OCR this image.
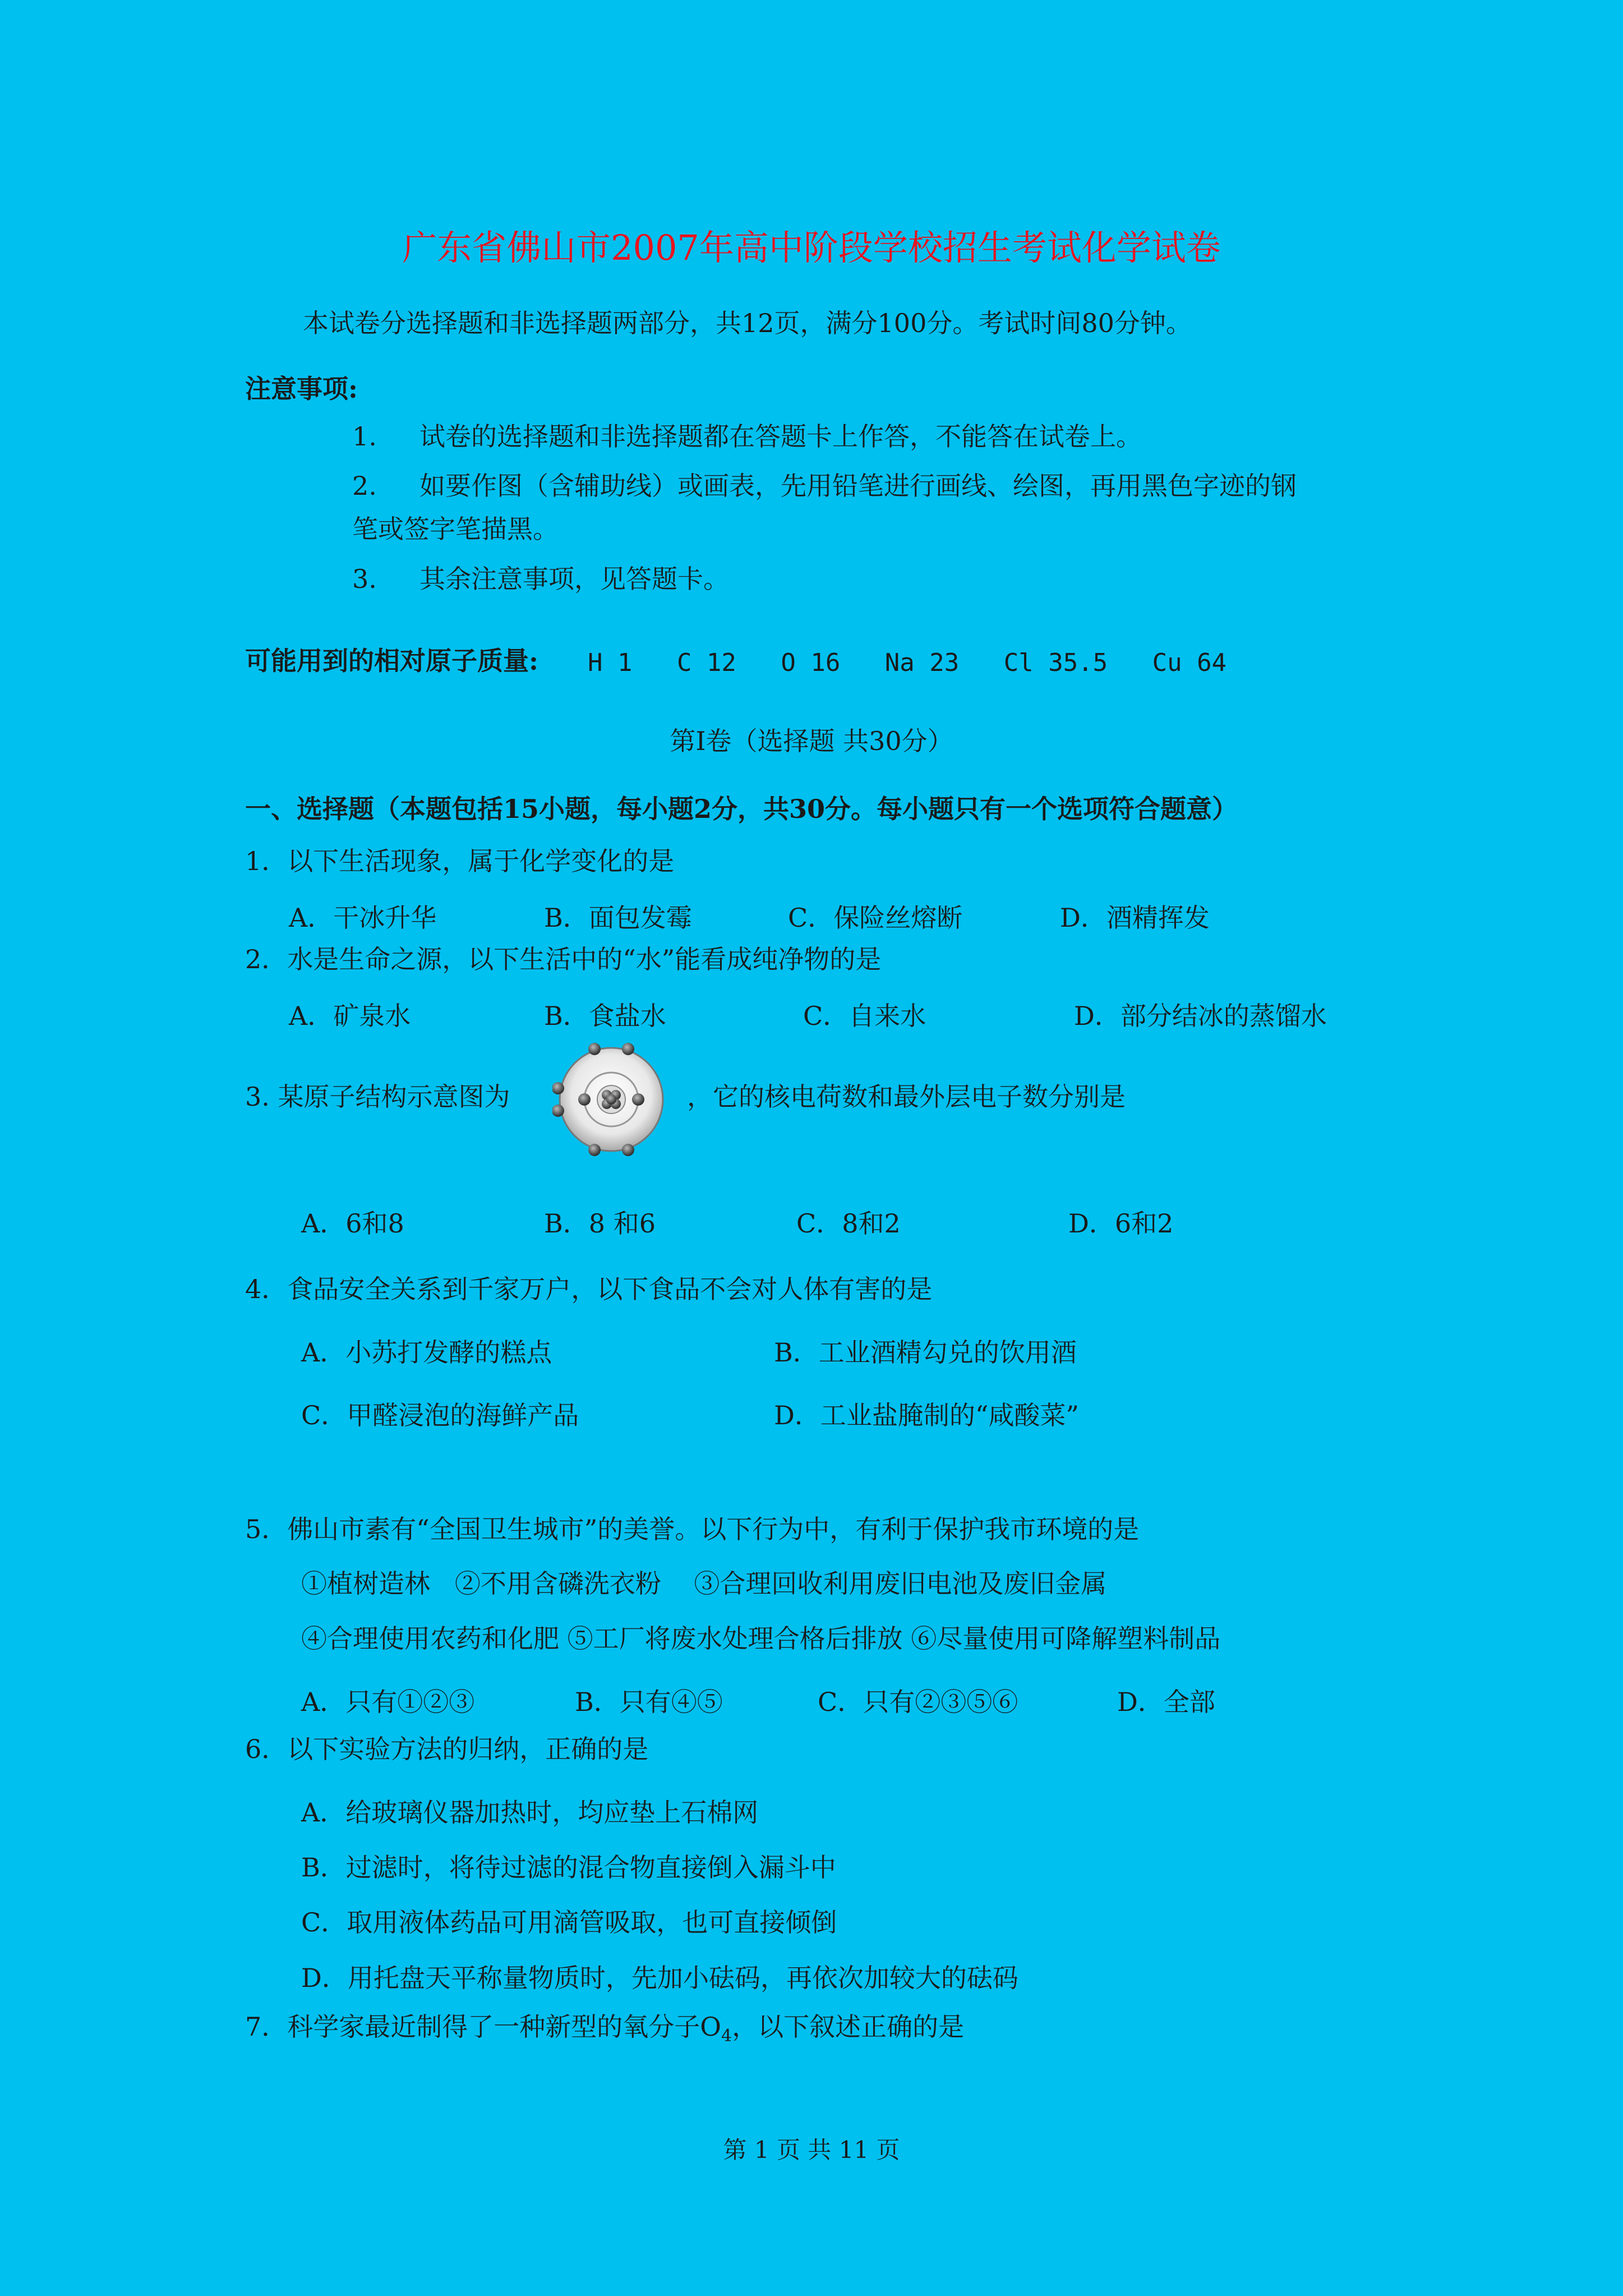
广东省佛山市2007年高中阶段学校招生考试化学试卷
本试卷分选择题和非选择题两部分，共12页，满分100分。考试时间80分钟。
注意事项:
1. 试卷的选择题和非选择题都在答题卡上作答，不能答在试卷上。
2. 如要作图（含辅助线）或画表，先用铅笔进行画线、绘图，再用黑色字迹的钢
笔或签字笔描黑。
3. 其余注意事项，见答题卡。
可能用到的相对原子质量: H 1   C 12   O 16   Na 23   Cl 35.5   Cu 64
第Ⅰ卷（选择题 共30分）
一、选择题（本题包括15小题，每小题2分，共30分。每小题只有一个选项符合题意）
1．以下生活现象，属于化学变化的是
A．干冰升华	B．面包发霉	C．保险丝熔断	D．酒精挥发
2．水是生命之源，以下生活中的“水”能看成纯净物的是
A．矿泉水	B．食盐水	C．自来水	D．部分结冰的蒸馏水
3. 某原子结构示意图为	，它的核电荷数和最外层电子数分别是
A．6和8	B．8 和6	C．8和2	D．6和2
4．食品安全关系到千家万户，以下食品不会对人体有害的是
A．小苏打发酵的糕点	B．工业酒精勾兑的饮用酒
C．甲醛浸泡的海鲜产品	D．工业盐腌制的“咸酸菜”
5．佛山市素有“全国卫生城市”的美誉。以下行为中，有利于保护我市环境的是
①植树造林   ②不用含磷洗衣粉    ③合理回收利用废旧电池及废旧金属
④合理使用农药和化肥 ⑤工厂将废水处理合格后排放 ⑥尽量使用可降解塑料制品
A．只有①②③	B．只有④⑤	C．只有②③⑤⑥	D．全部
6．以下实验方法的归纳，正确的是
A．给玻璃仪器加热时，均应垫上石棉网
B．过滤时，将待过滤的混合物直接倒入漏斗中
C．取用液体药品可用滴管吸取，也可直接倾倒
D．用托盘天平称量物质时，先加小砝码，再依次加较大的砝码
7．科学家最近制得了一种新型的氧分子$O_4$，以下叙述正确的是
第 1 页 共 11 页
